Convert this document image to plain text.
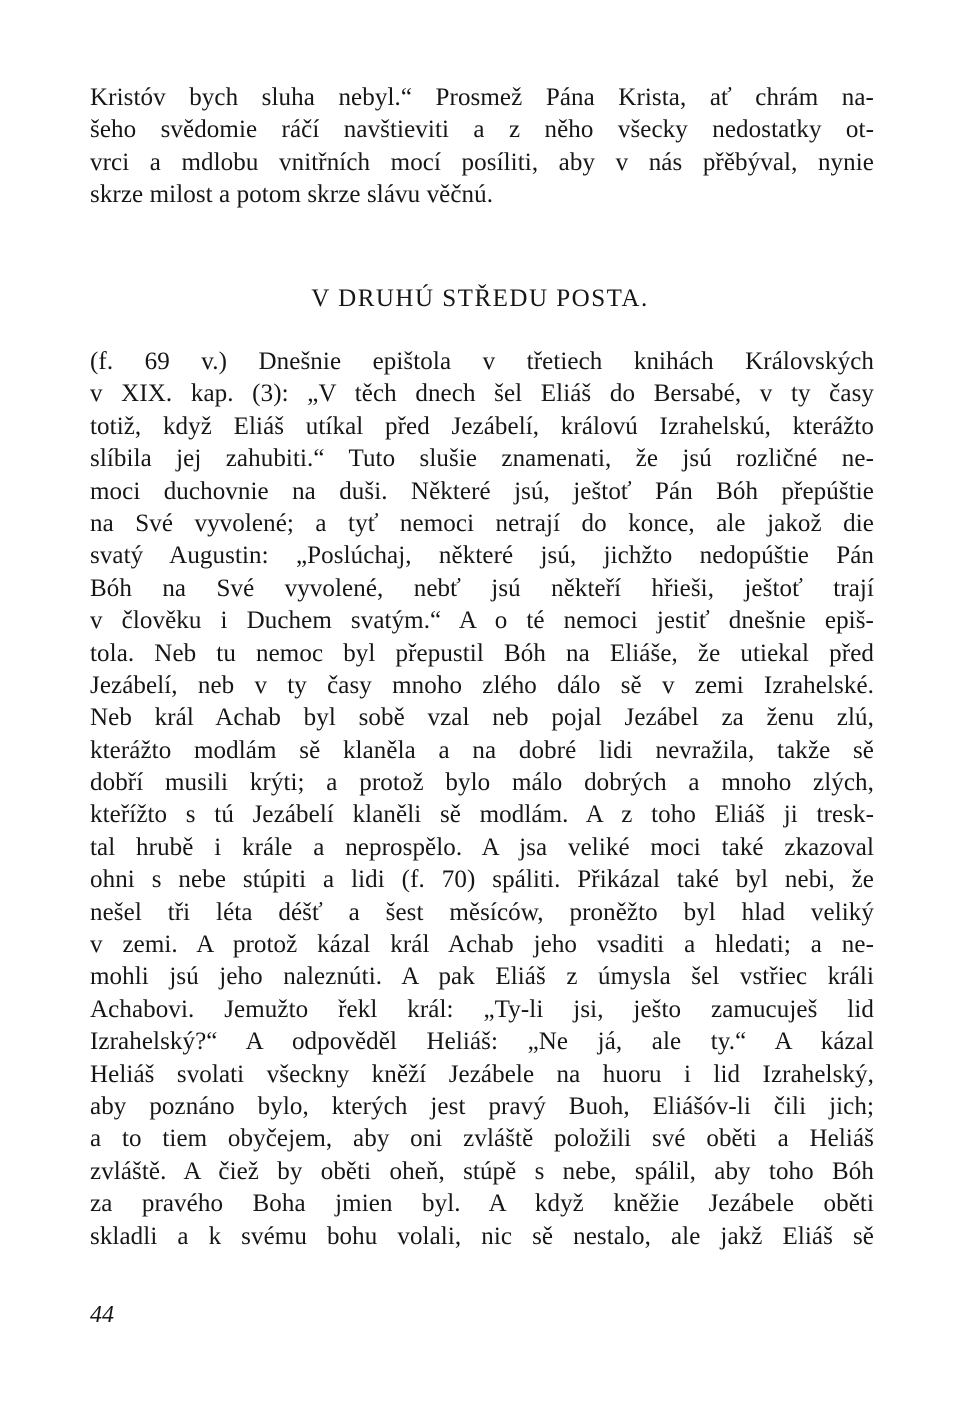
Kristóv bych sluha nebyl.“ Prosmež Pána Krista, ať chrám na-
šeho svědomie ráčí navštieviti a z něho všecky nedostatky ot-
vrci a mdlobu vnitřních mocí posíliti, aby v nás přěbýval, nynie
skrze milost a potom skrze slávu věčnú.
V DRUHÚ STŘEDU POSTA.
(f. 69 v.) Dnešnie epištola v třetiech knihách Královských
v XIX. kap. (3): „V těch dnech šel Eliáš do Bersabé, v ty časy
totiž, když Eliáš utíkal před Jezábelí, královú Izrahelskú, kterážto
slíbila jej zahubiti.“ Tuto slušie znamenati, že jsú rozličné ne-
moci duchovnie na duši. Některé jsú, ještoť Pán Bóh přepúštie
na Své vyvolené; a tyť nemoci netrají do konce, ale jakož die
svatý Augustin: „Poslúchaj, některé jsú, jichžto nedopúštie Pán
Bóh na Své vyvolené, nebť jsú někteří hřieši, ještoť trají
v člověku i Duchem svatým.“ A o té nemoci jestiť dnešnie epiš-
tola. Neb tu nemoc byl přepustil Bóh na Eliáše, že utiekal před
Jezábelí, neb v ty časy mnoho zlého dálo sě v zemi Izrahelské.
Neb král Achab byl sobě vzal neb pojal Jezábel za ženu zlú,
kterážto modlám sě klaněla a na dobré lidi nevražila, takže sě
dobří musili krýti; a protož bylo málo dobrých a mnoho zlých,
kteřížto s tú Jezábelí klaněli sě modlám. A z toho Eliáš ji tresk-
tal hrubě i krále a neprospělo. A jsa veliké moci také zkazoval
ohni s nebe stúpiti a lidi (f. 70) spáliti. Přikázal také byl nebi, že
nešel tři léta déšť a šest měsíców, proněžto byl hlad veliký
v zemi. A protož kázal král Achab jeho vsaditi a hledati; a ne-
mohli jsú jeho naleznúti. A pak Eliáš z úmysla šel vstřiec králi
Achabovi. Jemužto řekl král: „Ty-li jsi, ješto zamucuješ lid
Izrahelský?“ A odpověděl Heliáš: „Ne já, ale ty.“ A kázal
Heliáš svolati všeckny kněží Jezábele na huoru i lid Izrahelský,
aby poznáno bylo, kterých jest pravý Buoh, Eliášóv-li čili jich;
a to tiem obyčejem, aby oni zvláště položili své oběti a Heliáš
zvláště. A čiež by oběti oheň, stúpě s nebe, spálil, aby toho Bóh
za pravého Boha jmien byl. A když kněžie Jezábele oběti
skladli a k svému bohu volali, nic sě nestalo, ale jakž Eliáš sě
44
